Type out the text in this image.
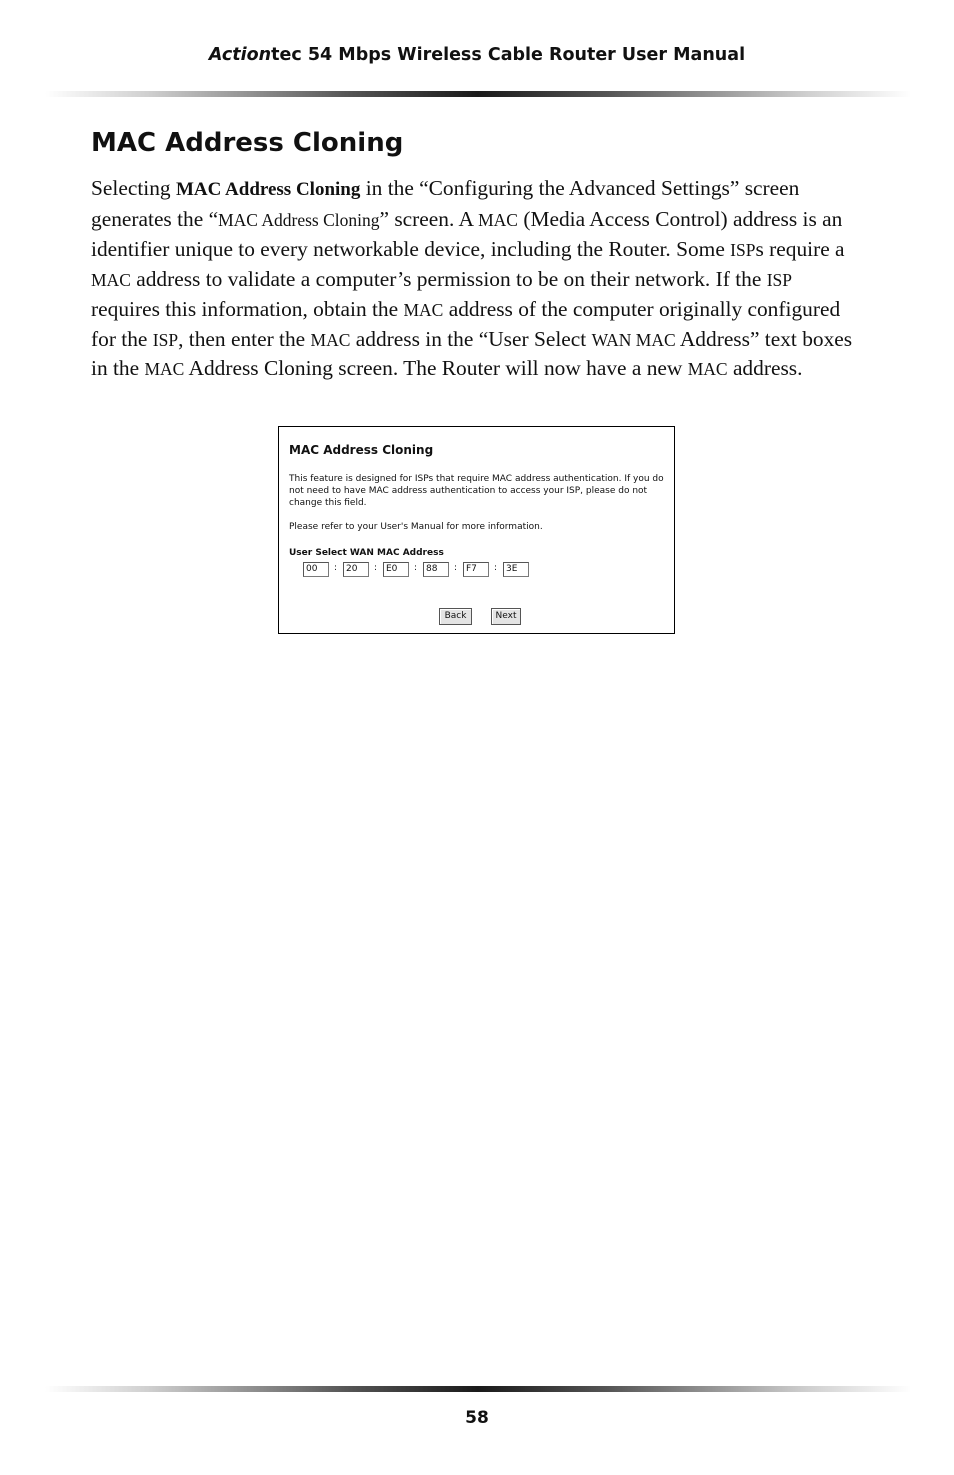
Actiontec 54 Mbps Wireless Cable Router User Manual
MAC Address Cloning

Selecting MAC Address Cloning in the “Configuring the Advanced Settings” screen generates the “MAC Address Cloning” screen. A MAC (Media Access Control) address is an identifier unique to every networkable device, including the Router. Some ISPs require a MAC address to validate a computer’s permission to be on their network. If the ISP requires this information, obtain the MAC address of the computer originally configured for the ISP, then enter the MAC address in the “User Select WAN MAC Address” text boxes in the MAC Address Cloning screen. The Router will now have a new MAC address.

MAC Address Cloning
This feature is designed for ISPs that require MAC address authentication. If you do not need to have MAC address authentication to access your ISP, please do not change this field.
Please refer to your User's Manual for more information.
User Select WAN MAC Address
00	: 20	: E0	: 88	: F7	: 3E
Back	Next
58
